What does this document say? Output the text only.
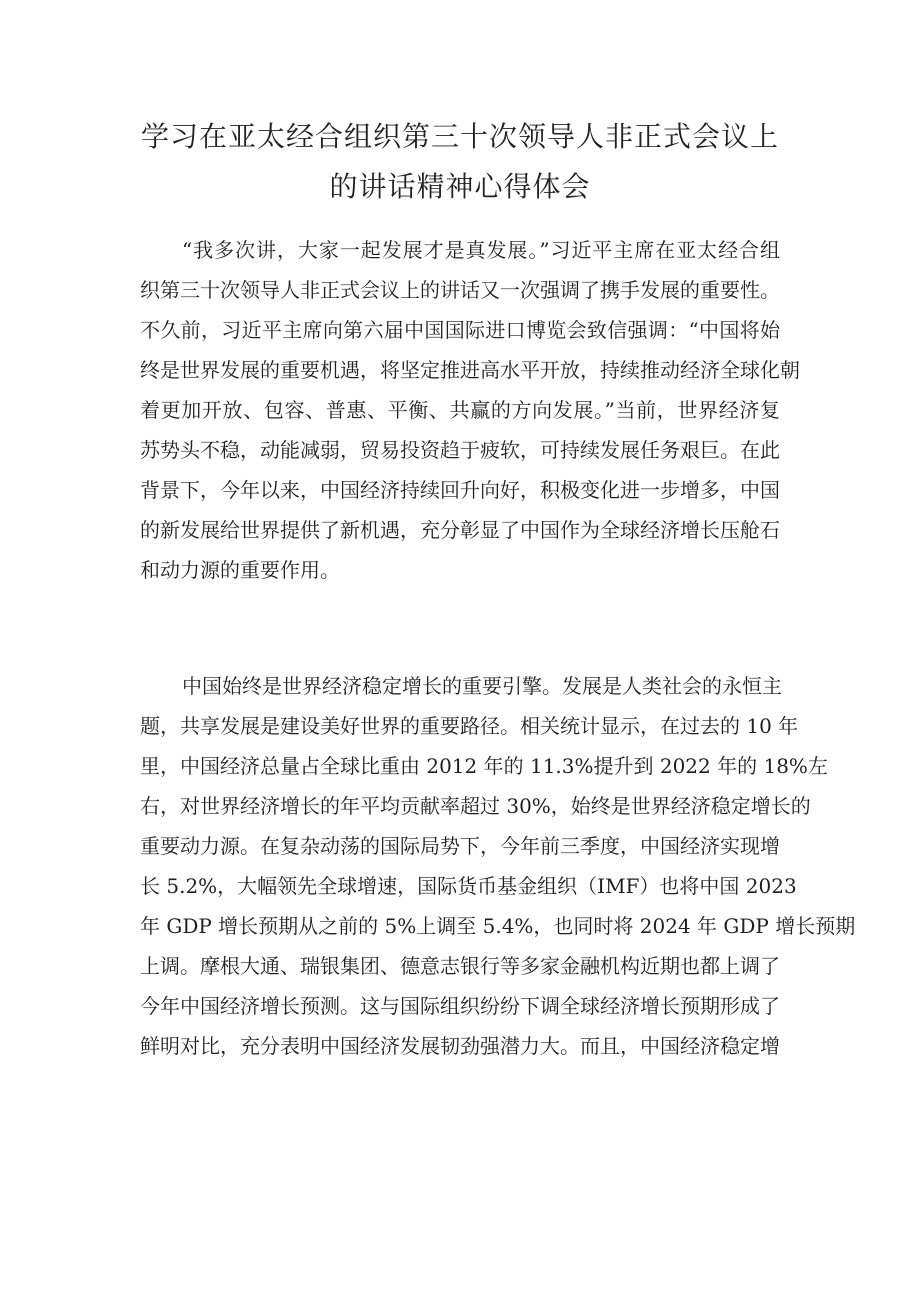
学习在亚太经合组织第三十次领导人非正式会议上
的讲话精神心得体会
“我多次讲，大家一起发展才是真发展。”习近平主席在亚太经合组
织第三十次领导人非正式会议上的讲话又一次强调了携手发展的重要性。
不久前，习近平主席向第六届中国国际进口博览会致信强调：“中国将始
终是世界发展的重要机遇，将坚定推进高水平开放，持续推动经济全球化朝
着更加开放、包容、普惠、平衡、共赢的方向发展。”当前，世界经济复
苏势头不稳，动能减弱，贸易投资趋于疲软，可持续发展任务艰巨。在此
背景下，今年以来，中国经济持续回升向好，积极变化进一步增多，中国
的新发展给世界提供了新机遇，充分彰显了中国作为全球经济增长压舱石
和动力源的重要作用。
中国始终是世界经济稳定增长的重要引擎。发展是人类社会的永恒主
题，共享发展是建设美好世界的重要路径。相关统计显示，在过去的 10 年
里，中国经济总量占全球比重由 2012 年的 11.3%提升到 2022 年的 18%左
右，对世界经济增长的年平均贡献率超过 30%，始终是世界经济稳定增长的
重要动力源。在复杂动荡的国际局势下，今年前三季度，中国经济实现增
长 5.2%，大幅领先全球增速，国际货币基金组织（IMF）也将中国 2023
年 GDP 增长预期从之前的 5%上调至 5.4%，也同时将 2024 年 GDP 增长预期
上调。摩根大通、瑞银集团、德意志银行等多家金融机构近期也都上调了
今年中国经济增长预测。这与国际组织纷纷下调全球经济增长预期形成了
鲜明对比，充分表明中国经济发展韧劲强潜力大。而且，中国经济稳定增
